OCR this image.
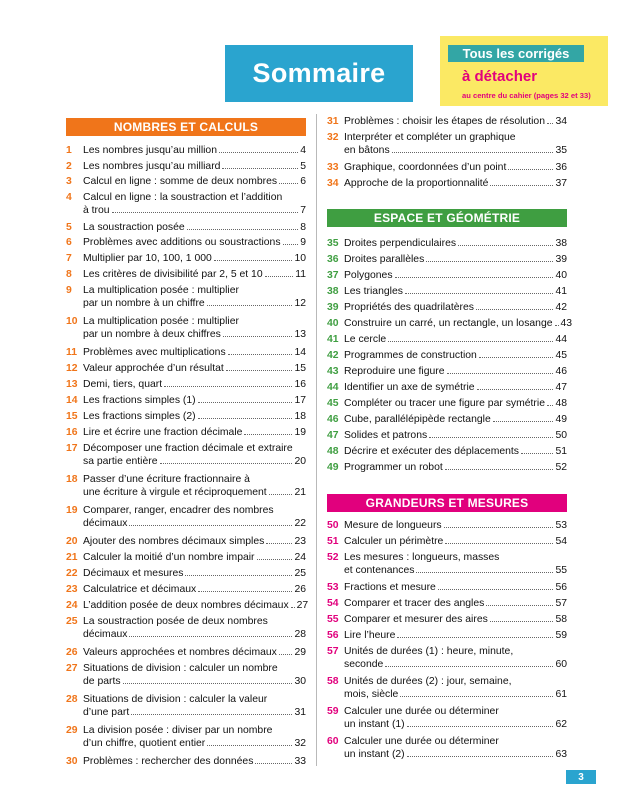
Sommaire
Tous les corrigés
à détacher
au centre du cahier (pages 32 et 33)
NOMBRES ET CALCULS
ESPACE ET GÉOMÉTRIE
GRANDEURS ET MESURES
1 Les nombres jusqu’au million	4
2 Les nombres jusqu’au milliard	5
3 Calcul en ligne : somme de deux nombres 6
4 Calcul en ligne : la soustraction et l’addition
à trou	7
5 La soustraction posée	8
6 Problèmes avec additions ou soustractions 9
7 Multiplier par 10, 100, 1 000	10
8 Les critères de divisibilité par 2, 5 et 10	11
9 La multiplication posée : multiplier
par un nombre à un chiffre	12
10 La multiplication posée : multiplier
par un nombre à deux chiffres	13
11 Problèmes avec multiplications	14
12 Valeur approchée d’un résultat	15
13 Demi, tiers, quart	16
14 Les fractions simples (1)	17
15 Les fractions simples (2)	18
16 Lire et écrire une fraction décimale	19
17 Décomposer une fraction décimale et extraire
sa partie entière	20
18 Passer d’une écriture fractionnaire à
une écriture à virgule et réciproquement	21
19 Comparer, ranger, encadrer des nombres
décimaux	22
20 Ajouter des nombres décimaux simples	23
21 Calculer la moitié d’un nombre impair	24
22 Décimaux et mesures	25
23 Calculatrice et décimaux	26
24 L’addition posée de deux nombres décimaux 27
25 La soustraction posée de deux nombres
décimaux	28
26 Valeurs approchées et nombres décimaux 29
27 Situations de division : calculer un nombre
de parts	30
28 Situations de division : calculer la valeur
d’une part	31
29 La division posée : diviser par un nombre
d’un chiffre, quotient entier	32
30 Problèmes : rechercher des données	33
31 Problèmes : choisir les étapes de résolution 34
32 Interpréter et compléter un graphique
en bâtons	35
33 Graphique, coordonnées d’un point	36
34 Approche de la proportionnalité	37
35 Droites perpendiculaires	38
36 Droites parallèles	39
37 Polygones	40
38 Les triangles	41
39 Propriétés des quadrilatères	42
40 Construire un carré, un rectangle, un losange 43
41 Le cercle	44
42 Programmes de construction	45
43 Reproduire une figure	46
44 Identifier un axe de symétrie	47
45 Compléter ou tracer une figure par symétrie 48
46 Cube, parallélépipède rectangle	49
47 Solides et patrons	50
48 Décrire et exécuter des déplacements	51
49 Programmer un robot	52
50 Mesure de longueurs	53
51 Calculer un périmètre	54
52 Les mesures : longueurs, masses
et contenances	55
53 Fractions et mesure	56
54 Comparer et tracer des angles	57
55 Comparer et mesurer des aires	58
56 Lire l’heure	59
57 Unités de durées (1) : heure, minute,
seconde	60
58 Unités de durées (2) : jour, semaine,
mois, siècle	61
59 Calculer une durée ou déterminer
un instant (1)	62
60 Calculer une durée ou déterminer
un instant (2)	63
3
